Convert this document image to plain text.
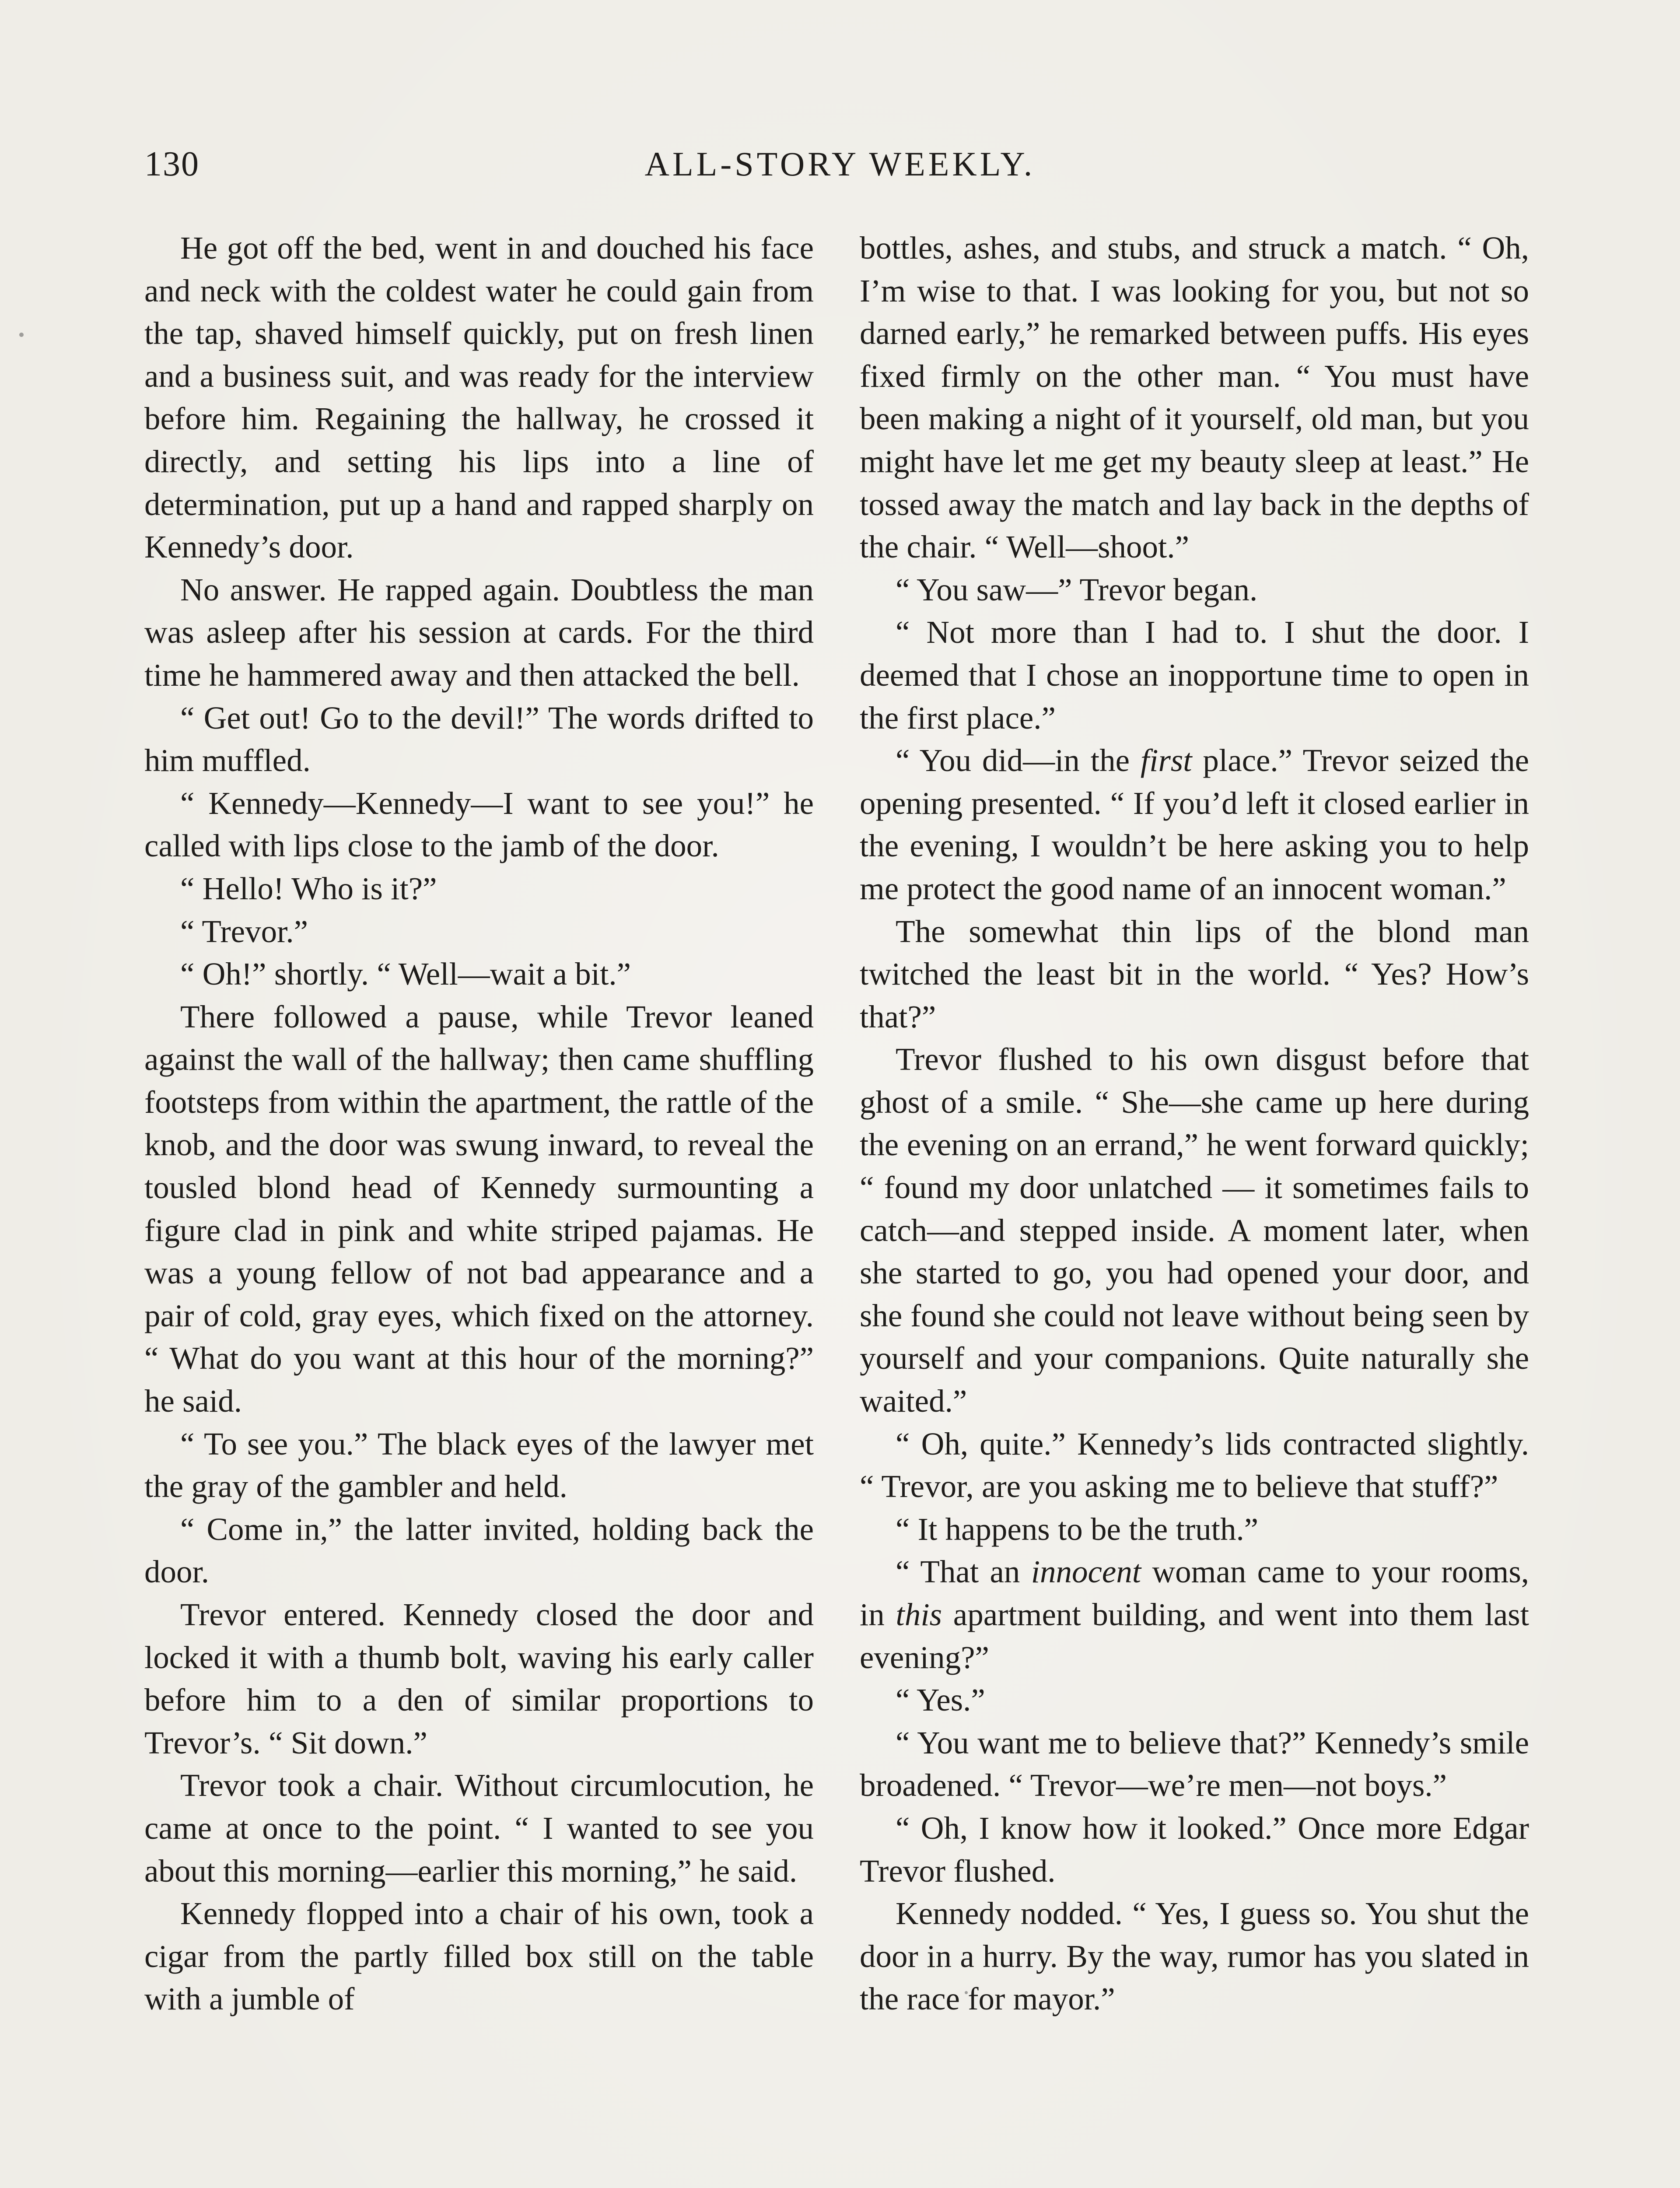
130	ALL-STORY WEEKLY.

He got off the bed, went in and douched his face and neck with the coldest water he could gain from the tap, shaved himself quickly, put on fresh linen and a business suit, and was ready for the interview before him. Regaining the hallway, he crossed it directly, and setting his lips into a line of determination, put up a hand and rapped sharply on Kennedy’s door.

No answer. He rapped again. Doubtless the man was asleep after his session at cards. For the third time he hammered away and then attacked the bell.

“ Get out! Go to the devil!” The words drifted to him muffled.

“ Kennedy—Kennedy—I want to see you!” he called with lips close to the jamb of the door.

“ Hello! Who is it?”

“ Trevor.”

“ Oh!” shortly. “ Well—wait a bit.”

There followed a pause, while Trevor leaned against the wall of the hallway; then came shuffling footsteps from within the apartment, the rattle of the knob, and the door was swung inward, to reveal the tousled blond head of Kennedy surmounting a figure clad in pink and white striped pajamas. He was a young fellow of not bad appearance and a pair of cold, gray eyes, which fixed on the attorney. “ What do you want at this hour of the morning?” he said.

“ To see you.” The black eyes of the lawyer met the gray of the gambler and held.

“ Come in,” the latter invited, holding back the door.

Trevor entered. Kennedy closed the door and locked it with a thumb bolt, waving his early caller before him to a den of similar proportions to Trevor’s. “ Sit down.”

Trevor took a chair. Without circumlocution, he came at once to the point. “ I wanted to see you about this morning—earlier this morning,” he said.

Kennedy flopped into a chair of his own, took a cigar from the partly filled box still on the table with a jumble of

bottles, ashes, and stubs, and struck a match. “ Oh, I’m wise to that. I was looking for you, but not so darned early,” he remarked between puffs. His eyes fixed firmly on the other man. “ You must have been making a night of it yourself, old man, but you might have let me get my beauty sleep at least.” He tossed away the match and lay back in the depths of the chair. “ Well—shoot.”

“ You saw—” Trevor began.

“ Not more than I had to. I shut the door. I deemed that I chose an inopportune time to open in the first place.”

“ You did—in the first place.” Trevor seized the opening presented. “ If you’d left it closed earlier in the evening, I wouldn’t be here asking you to help me protect the good name of an innocent woman.”

The somewhat thin lips of the blond man twitched the least bit in the world. “ Yes? How’s that?”

Trevor flushed to his own disgust before that ghost of a smile. “ She—she came up here during the evening on an errand,” he went forward quickly; “ found my door unlatched — it sometimes fails to catch—and stepped inside. A moment later, when she started to go, you had opened your door, and she found she could not leave without being seen by yourself and your companions. Quite naturally she waited.”

“ Oh, quite.” Kennedy’s lids contracted slightly. “ Trevor, are you asking me to believe that stuff?”

“ It happens to be the truth.”

“ That an innocent woman came to your rooms, in this apartment building, and went into them last evening?”

“ Yes.”

“ You want me to believe that?” Kennedy’s smile broadened. “ Trevor—we’re men—not boys.”

“ Oh, I know how it looked.” Once more Edgar Trevor flushed.

Kennedy nodded. “ Yes, I guess so. You shut the door in a hurry. By the way, rumor has you slated in the race for mayor.”
